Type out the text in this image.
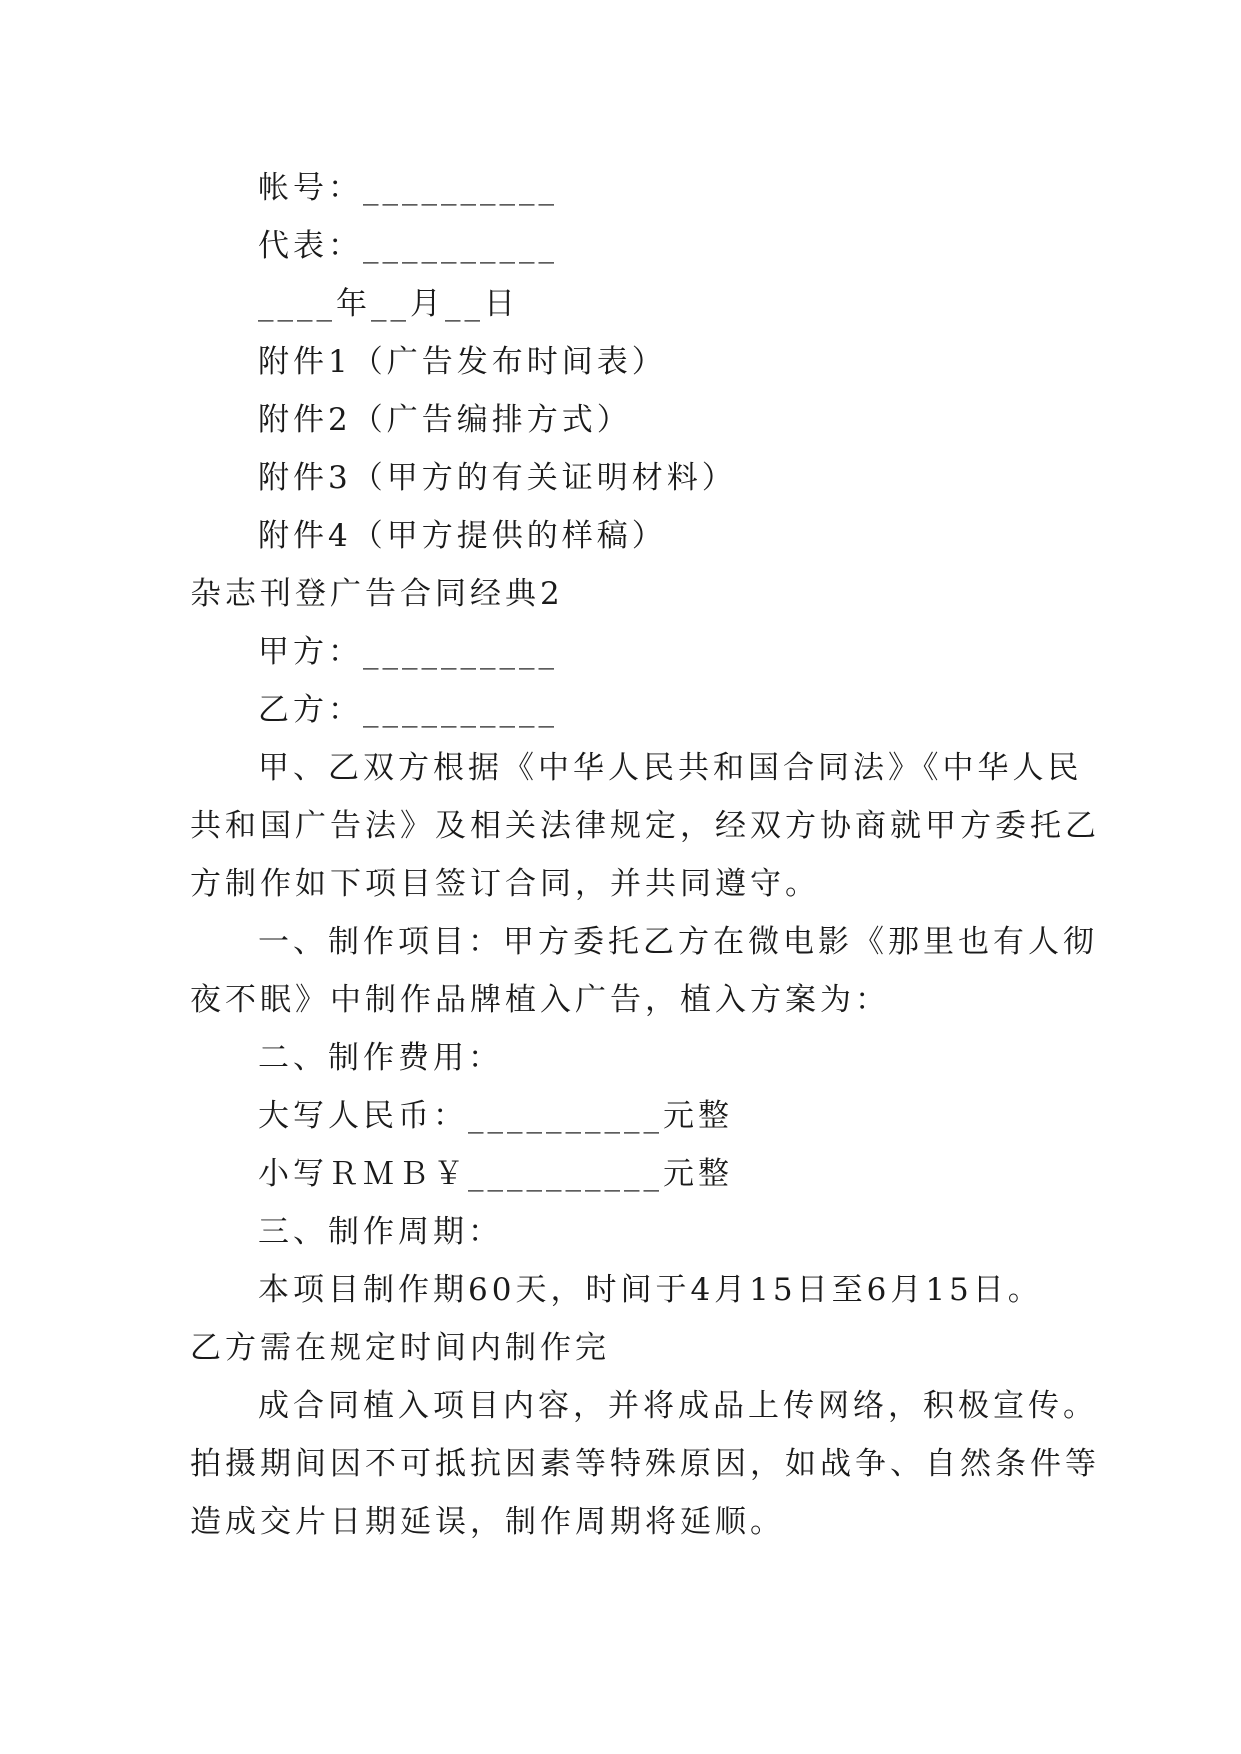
帐号：__________
代表：__________
____年__月__日
附件1（广告发布时间表）
附件2（广告编排方式）
附件3（甲方的有关证明材料）
附件4（甲方提供的样稿）
杂志刊登广告合同经典2
甲方：__________
乙方：__________
甲、乙双方根据《中华人民共和国合同法》《中华人民
共和国广告法》及相关法律规定，经双方协商就甲方委托乙
方制作如下项目签订合同，并共同遵守。
一、制作项目：甲方委托乙方在微电影《那里也有人彻
夜不眠》中制作品牌植入广告，植入方案为：
二、制作费用：
大写人民币：__________元整
小写ＲＭＢ￥__________元整
三、制作周期：
本项目制作期60天，时间于4月15日至6月15日。
乙方需在规定时间内制作完
成合同植入项目内容，并将成品上传网络，积极宣传。
拍摄期间因不可抵抗因素等特殊原因，如战争、自然条件等
造成交片日期延误，制作周期将延顺。
